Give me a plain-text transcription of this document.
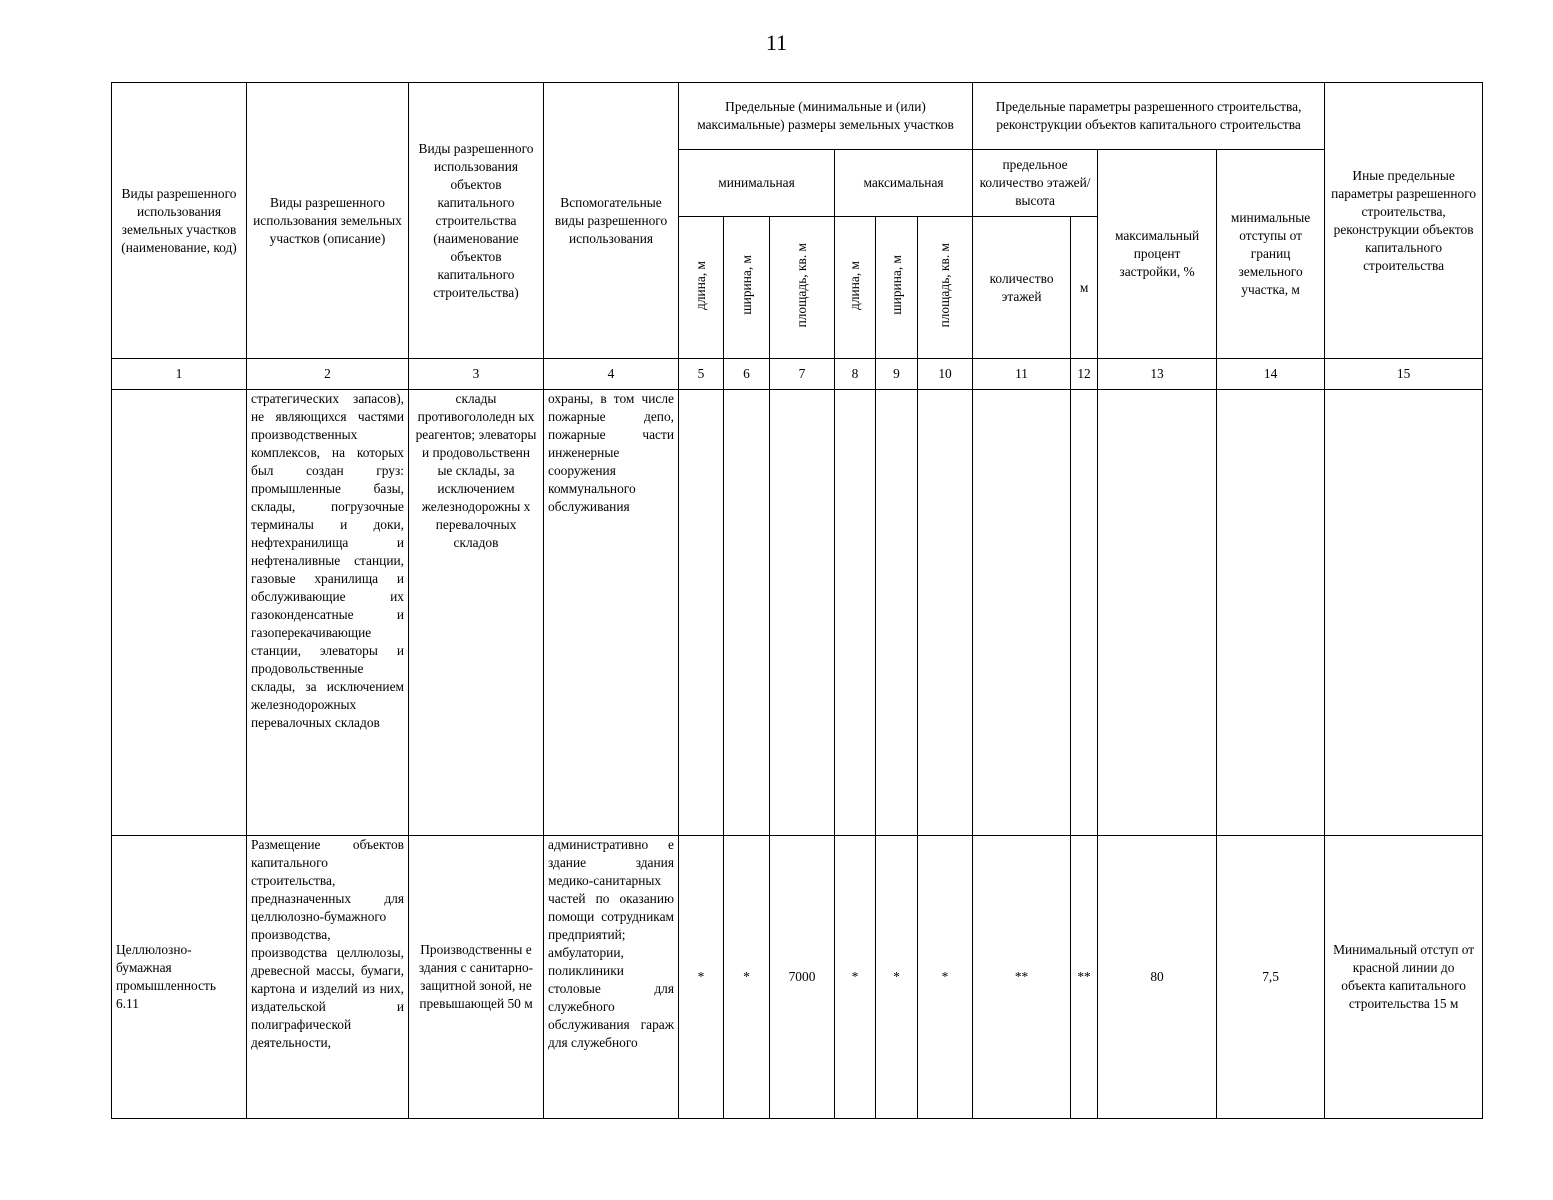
11
Виды разрешенного использования земельных участков (наименование, код)	Виды разрешенного использования земельных участков (описание)	Виды разрешенного использования объектов капитального строительства (наименование объектов капитального строительства)	Вспомогательные виды разрешенного использования	Предельные (минимальные и (или) максимальные) размеры земельных участков						Предельные параметры разрешенного строительства, реконструкции объектов капитального строительства				Иные предельные параметры разрешенного строительства, реконструкции объектов капитального строительства
				минимальная			максимальная			предельное количество этажей/высота		максимальный процент застройки, %	минимальные отступы от границ земельного участка, м	

				длина, м	ширина, м	площадь, кв. м	длина, м	ширина, м	площадь, кв. м	количество этажей	м			
1	2	3	4	5	6	7	8	9	10	11	12	13	14	15
	стратегических запасов), не являющихся частями производственных комплексов, на которых был создан груз: промышленные базы, склады, погрузочные терминалы и доки, нефтехранилища и нефтеналивные станции, газовые хранилища и обслуживающие их газоконденсатные и газоперекачивающие станции, элеваторы и продовольственные склады, за исключением железнодорожных перевалочных складов	склады противогололедн ых реагентов; элеваторы и продовольственн ые склады, за исключением железнодорожны х перевалочных складов	охраны, в том числе пожарные депо, пожарные части инженерные сооружения коммунального обслуживания											
Целлюлозно-бумажная промышленность 6.11	Размещение объектов капитального строительства, предназначенных для целлюлозно-бумажного производства, производства целлюлозы, древесной массы, бумаги, картона и изделий из них, издательской и полиграфической деятельности,	Производственны е здания с санитарно-защитной зоной, не превышающей 50 м	административно е здание здания медико-санитарных частей по оказанию помощи сотрудникам предприятий; амбулатории, поликлиники столовые для служебного обслуживания гараж для служебного	*	*	7000	*	*	*	**	**	80	7,5	Минимальный отступ от красной линии до объекта капитального строительства 15 м
